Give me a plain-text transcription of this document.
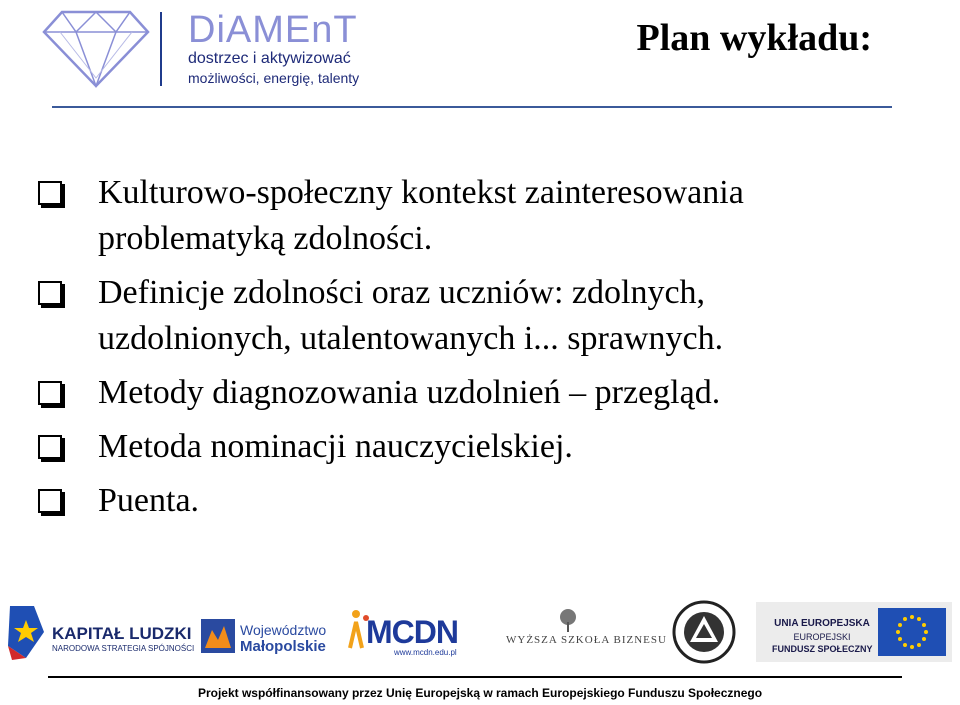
DiAMEnT
dostrzec i aktywizować
możliwości, energię, talenty
Plan wykładu:
Kulturowo-społeczny kontekst zainteresowania
problematyką zdolności.
Definicje zdolności oraz uczniów: zdolnych,
uzdolnionych, utalentowanych i... sprawnych.
Metody diagnozowania uzdolnień – przegląd.
Metoda nominacji nauczycielskiej.
Puenta.
KAPITAŁ LUDZKI
NARODOWA STRATEGIA SPÓJNOŚCI
Województwo
Małopolskie MCDN
www.mcdn.edu.pl
WYŻSZA SZKOŁA BIZNESU
UNIA EUROPEJSKA
EUROPEJSKI
FUNDUSZ SPOŁECZNY
Projekt współfinansowany przez Unię Europejską w ramach Europejskiego Funduszu Społecznego
